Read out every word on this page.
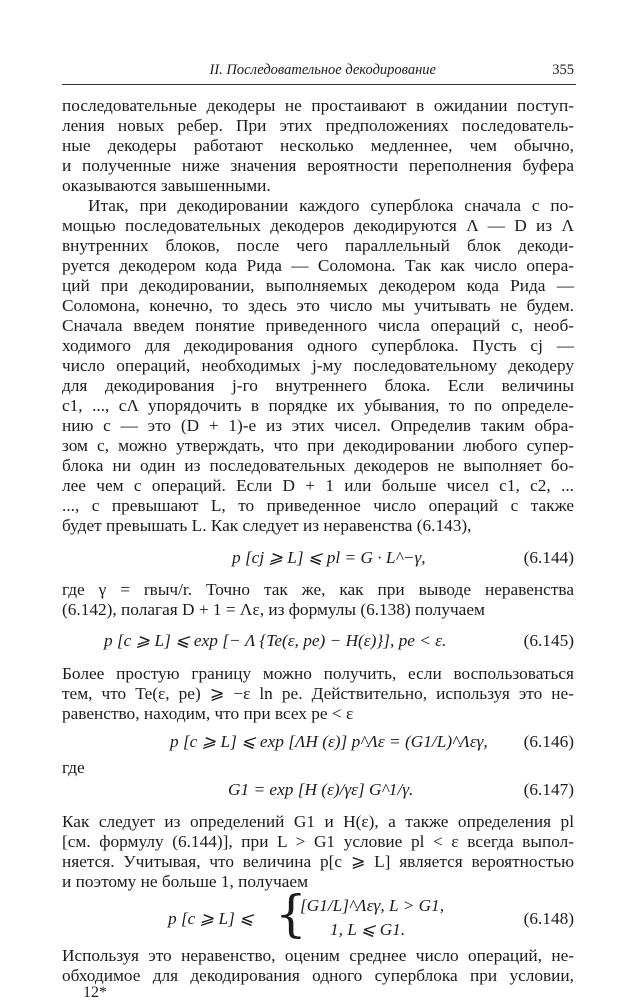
II. Последовательное декодирование	355
последовательные декодеры не простаивают в ожидании поступ-
ления новых ребер. При этих предположениях последователь-
ные декодеры работают несколько медленнее, чем обычно,
и полученные ниже значения вероятности переполнения буфера
оказываются завышенными.
Итак, при декодировании каждого суперблока сначала с по-
мощью последовательных декодеров декодируются Λ — D из Λ
внутренних блоков, после чего параллельный блок декоди-
руется декодером кода Рида — Соломона. Так как число опера-
ций при декодировании, выполняемых декодером кода Рида —
Соломона, конечно, то здесь это число мы учитывать не будем.
Сначала введем понятие приведенного числа операций c, необ-
ходимого для декодирования одного суперблока. Пусть cj —
число операций, необходимых j-му последовательному декодеру
для декодирования j-го внутреннего блока. Если величины
c1, ..., cΛ упорядочить в порядке их убывания, то по определе-
нию c — это (D + 1)-е из этих чисел. Определив таким обра-
зом c, можно утверждать, что при декодировании любого супер-
блока ни один из последовательных декодеров не выполняет бо-
лее чем c операций. Если D + 1 или больше чисел c1, c2, ...
..., c превышают L, то приведенное число операций c также
будет превышать L. Как следует из неравенства (6.143),
p [cj ⩾ L] ⩽ pl = G · L^−γ,	(6.144)
где γ = rвыч/r. Точно так же, как при выводе неравенства
(6.142), полагая D + 1 = Λε, из формулы (6.138) получаем
p [c ⩾ L] ⩽ exp [− Λ {Te(ε, pe) − H(ε)}], pe < ε.	(6.145)
Более простую границу можно получить, если воспользоваться
тем, что Te(ε, pe) ⩾ −ε ln pe. Действительно, используя это не-
равенство, находим, что при всех pe < ε
p [c ⩾ L] ⩽ exp [ΛH (ε)] p^Λε = (G1/L)^Λεγ, (6.146)
где
G1 = exp [H (ε)/γε] G^1/γ.	(6.147)
Как следует из определений G1 и H(ε), а также определения pl
[см. формулу (6.144)], при L > G1 условие pl < ε всегда выпол-
няется. Учитывая, что величина p[c ⩾ L] является вероятностью
и поэтому не больше 1, получаем
p [c ⩾ L] ⩽ {
[G1/L]^Λεγ, L > G1,
1, L ⩽ G1.
(6.148)
Используя это неравенство, оценим среднее число операций, не-
обходимое для декодирования одного суперблока при условии,
12*
